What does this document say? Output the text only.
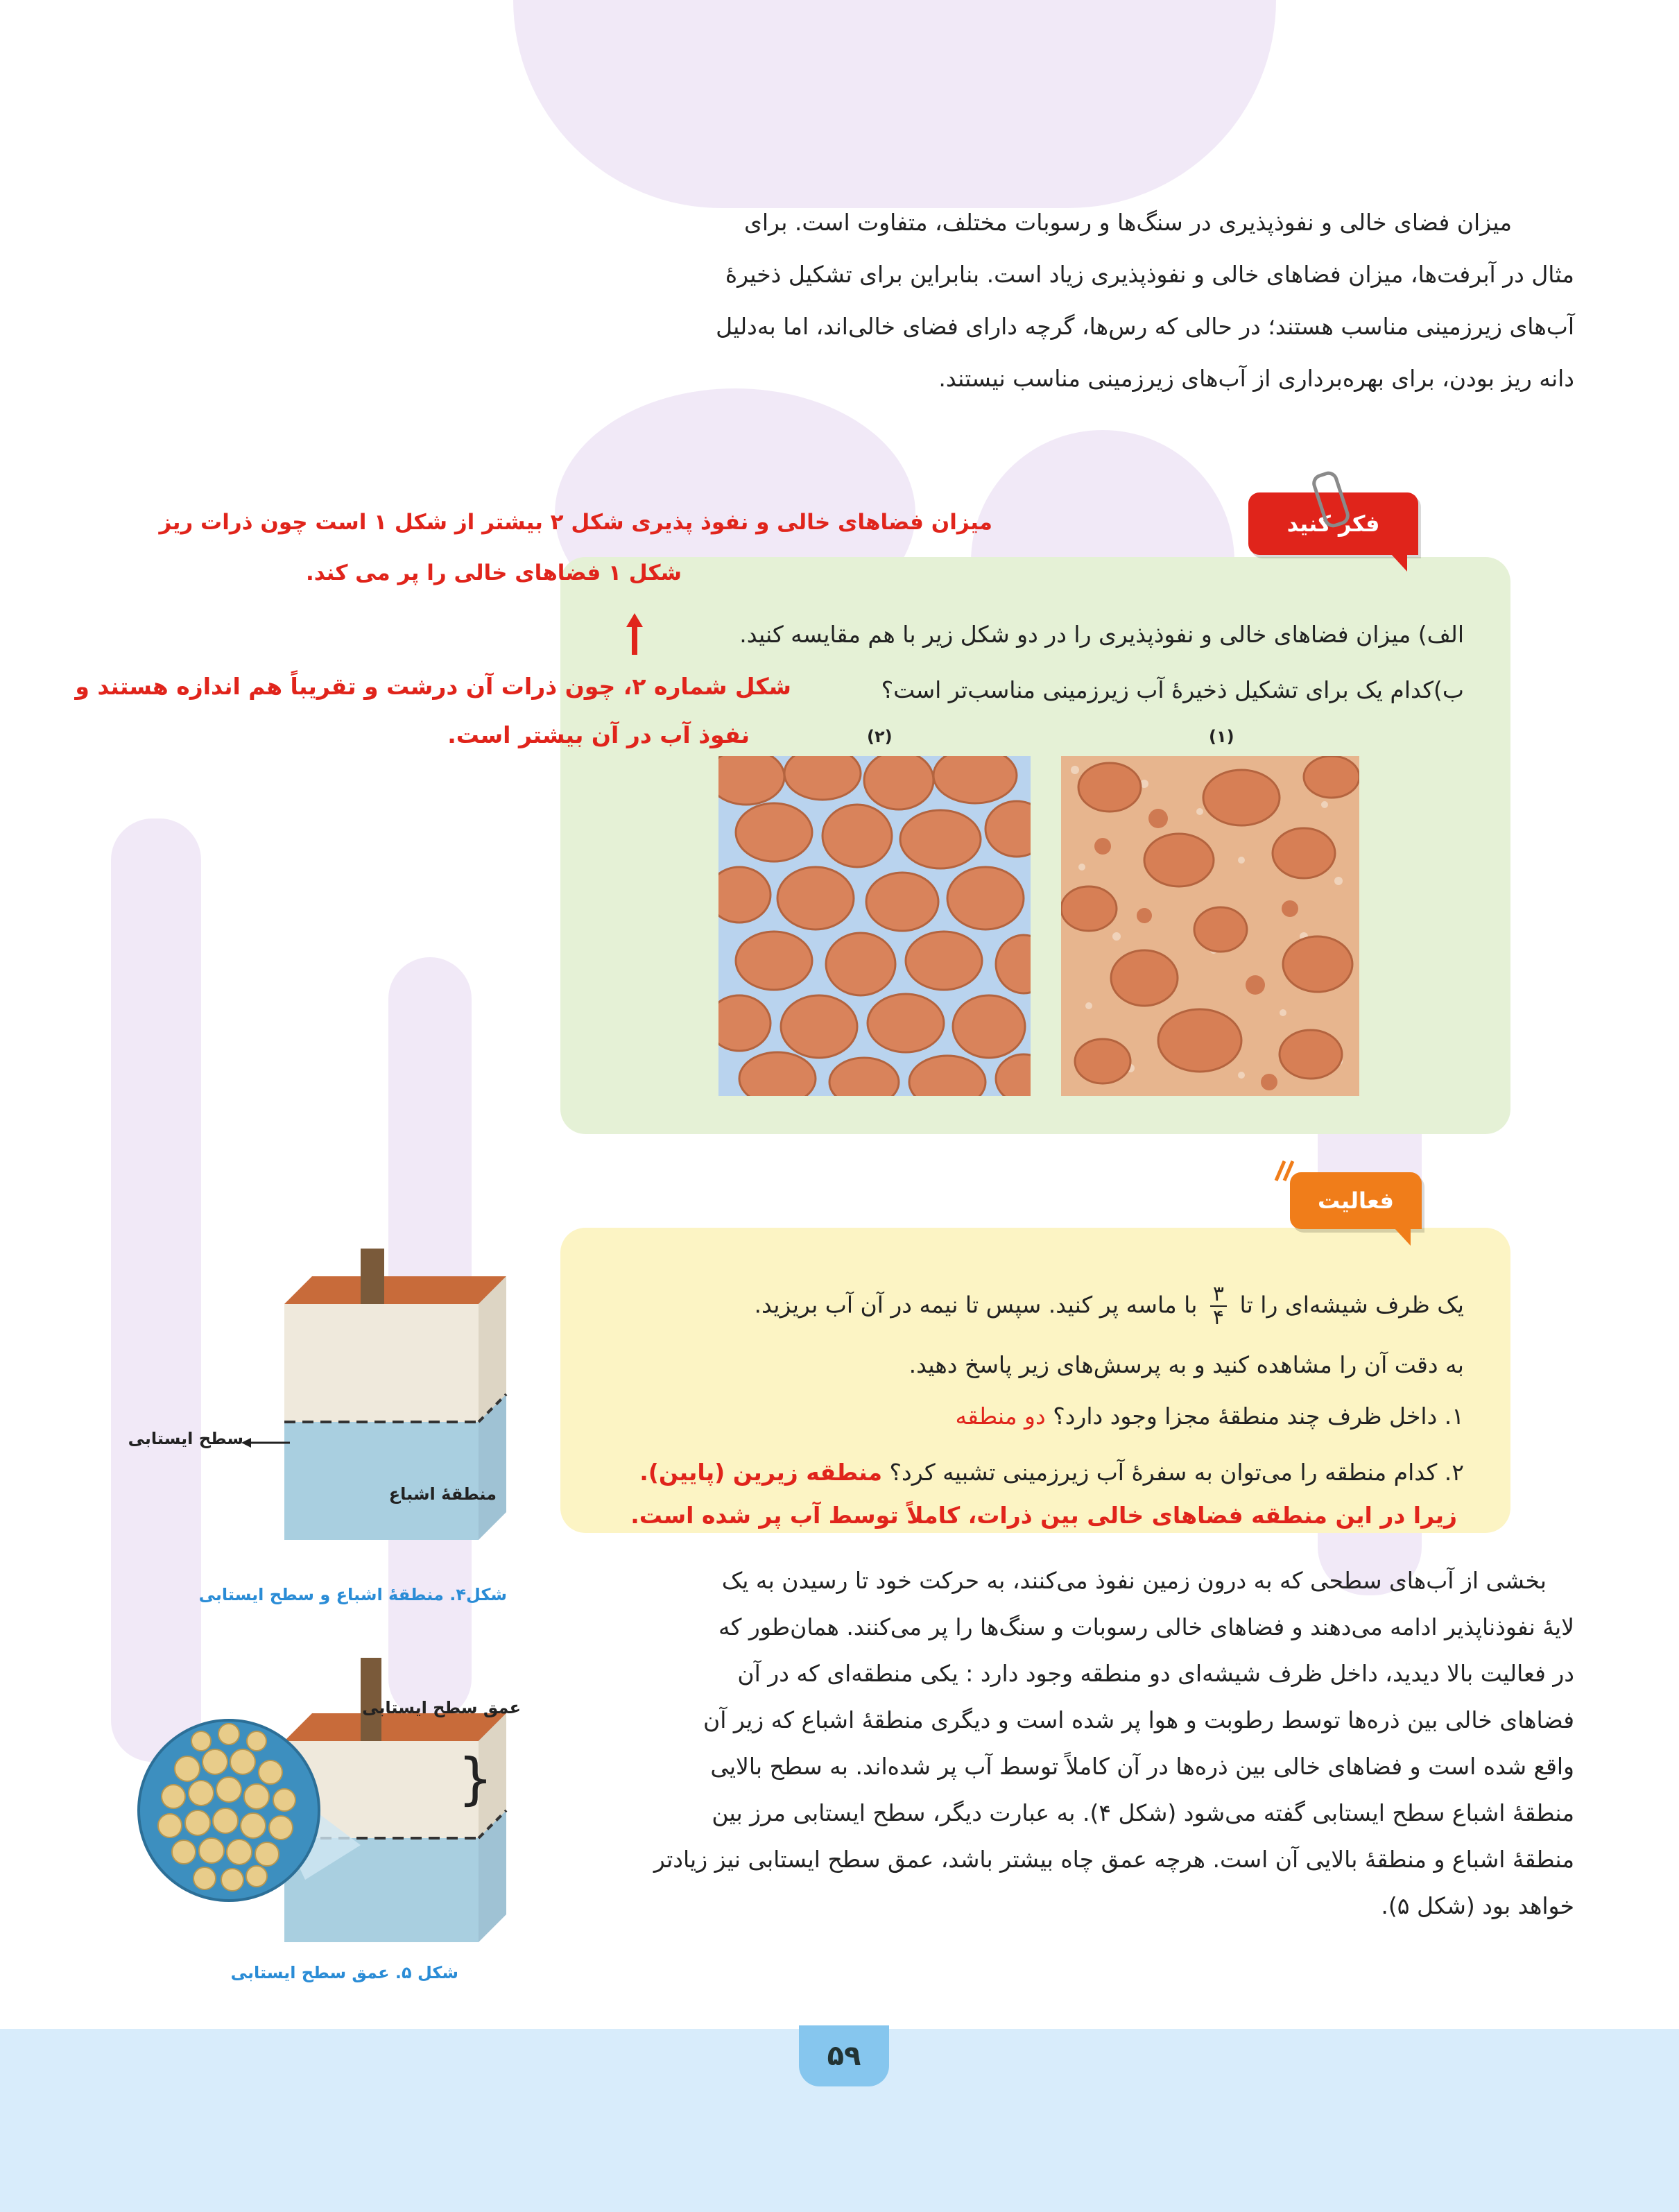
میزان فضای خالی و نفوذپذیری در سنگ‌ها و رسوبات مختلف، متفاوت است. برای
مثال در آبرفت‌ها، میزان فضاهای خالی و نفوذپذیری زیاد است. بنابراین برای تشکیل ذخیرهٔ
آب‌های زیرزمینی مناسب هستند؛ در حالی که رس‌ها، گرچه دارای فضای خالی‌اند، اما به‌دلیل
دانه ریز بودن، برای بهره‌برداری از آب‌های زیرزمینی مناسب نیستند.
فکر کنید
میزان فضاهای خالی و نفوذ پذیری شکل ۲ بیشتر از شکل ۱ است چون ذرات ریز
شکل ۱ فضاهای خالی را پر می کند.
الف) میزان فضاهای خالی و نفوذپذیری را در دو شکل زیر با هم مقایسه کنید.
ب)کدام یک برای تشکیل ذخیرهٔ آب زیرزمینی مناسب‌تر است؟
شکل شماره ۲، چون ذرات آن درشت و تقریباً هم اندازه هستند و
نفوذ آب در آن بیشتر است.	(۲)	(۱)
فعالیت
یک ظرف شیشه‌ای را تا
$\frac{۳}{۴}$
با ماسه پر کنید. سپس تا نیمه در آن آب بریزید.
به دقت آن را مشاهده کنید و به پرسش‌های زیر پاسخ دهید.
۱. داخل ظرف چند منطقهٔ مجزا وجود دارد؟ دو منطقه
۲. کدام منطقه را می‌توان به سفرهٔ آب زیرزمینی تشبیه کرد؟ منطقه زیرین (پایین).
زیرا در این منطقه فضاهای خالی بین ذرات، کاملاً توسط آب پر شده است.
سطح ایستابی
منطقهٔ اشباع
شکل۴. منطقهٔ اشباع و سطح ایستابی
}
عمق سطح ایستابی
شکل ۵. عمق سطح ایستابی
بخشی از آب‌های سطحی که به درون زمین نفوذ می‌کنند، به حرکت خود تا رسیدن به یک
لایهٔ نفوذناپذیر ادامه می‌دهند و فضاهای خالی رسوبات و سنگ‌ها را پر می‌کنند. همان‌طور که
در فعالیت بالا دیدید، داخل ظرف شیشه‌ای دو منطقه وجود دارد : یکی منطقه‌ای که در آن
فضاهای خالی بین ذره‌ها توسط رطوبت و هوا پر شده است و دیگری منطقهٔ اشباع که زیر آن
واقع شده است و فضاهای خالی بین ذره‌ها در آن کاملاً توسط آب پر شده‌اند. به سطح بالایی
منطقهٔ اشباع سطح ایستابی گفته می‌شود (شکل ۴). به عبارت دیگر، سطح ایستابی مرز بین
منطقهٔ اشباع و منطقهٔ بالایی آن است. هرچه عمق چاه بیشتر باشد، عمق سطح ایستابی نیز زیادتر
خواهد بود (شکل ۵).
۵۹
